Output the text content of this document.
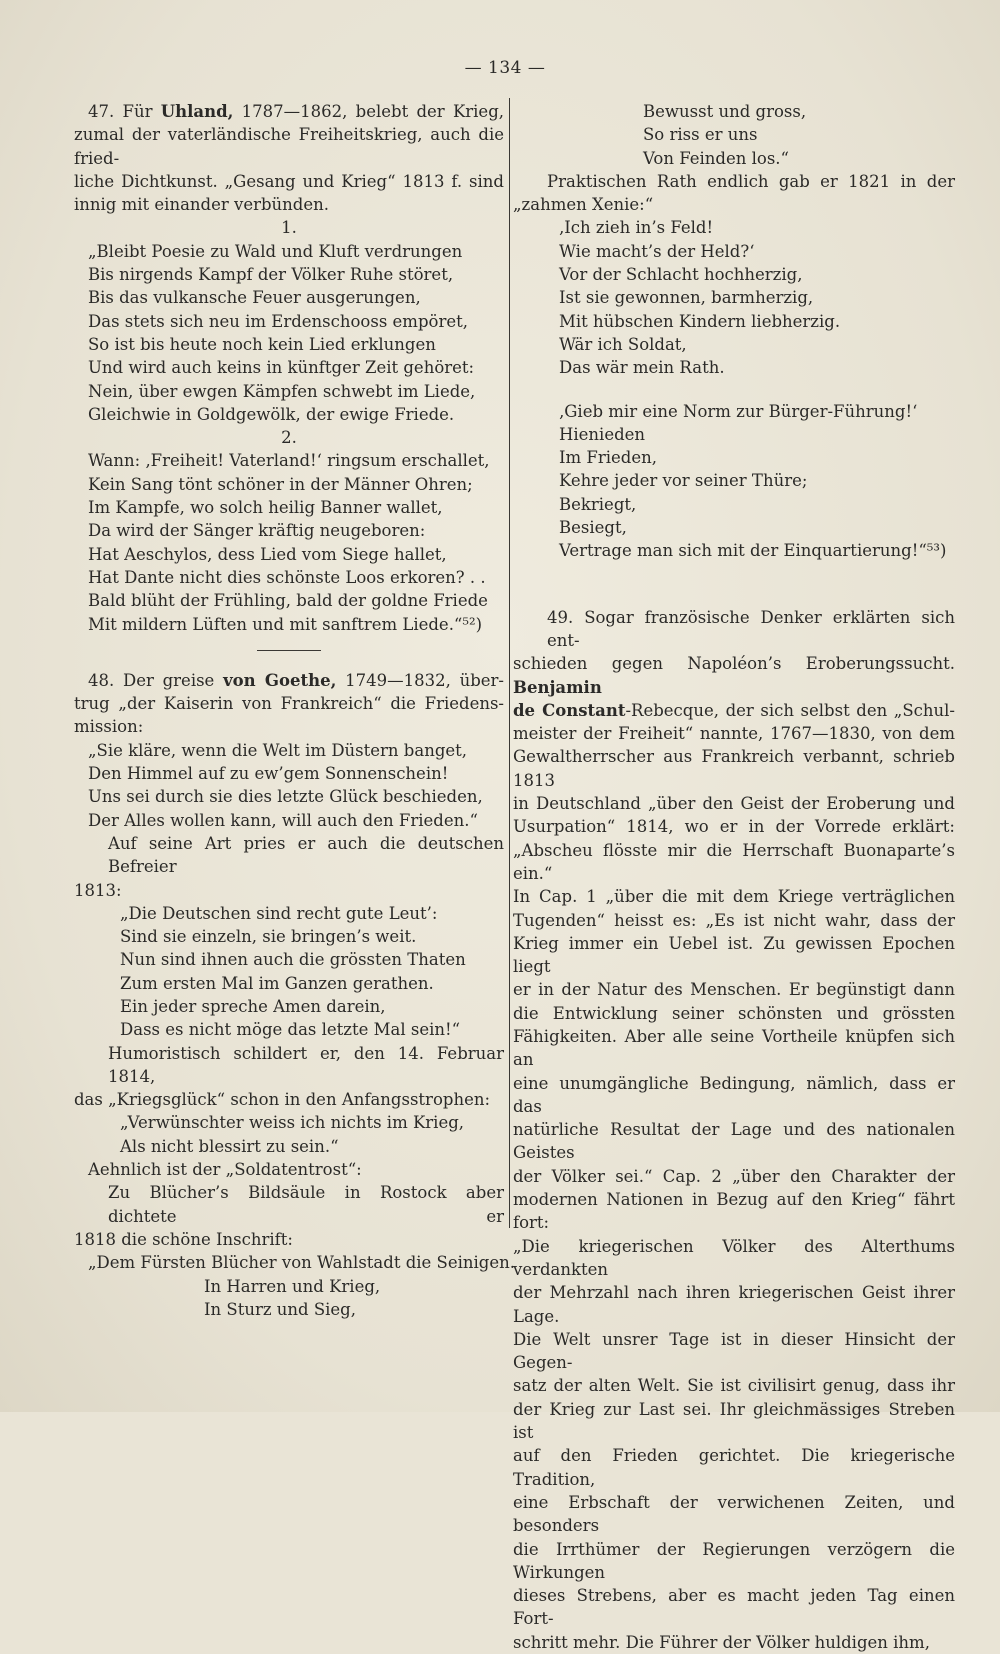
— 134 —
47. Für Uhland, 1787—1862, belebt der Krieg,
zumal der vaterländische Freiheitskrieg, auch die fried-
liche Dichtkunst. „Gesang und Krieg“ 1813 f. sind
innig mit einander verbünden.
1.
„Bleibt Poesie zu Wald und Kluft verdrungen
Bis nirgends Kampf der Völker Ruhe störet,
Bis das vulkansche Feuer ausgerungen,
Das stets sich neu im Erdenschooss empöret,
So ist bis heute noch kein Lied erklungen
Und wird auch keins in künftger Zeit gehöret:
Nein, über ewgen Kämpfen schwebt im Liede,
Gleichwie in Goldgewölk, der ewige Friede.
2.
Wann: ‚Freiheit! Vaterland!‘ ringsum erschallet,
Kein Sang tönt schöner in der Männer Ohren;
Im Kampfe, wo solch heilig Banner wallet,
Da wird der Sänger kräftig neugeboren:
Hat Aeschylos, dess Lied vom Siege hallet,
Hat Dante nicht dies schönste Loos erkoren? . .
Bald blüht der Frühling, bald der goldne Friede
Mit mildern Lüften und mit sanftrem Liede.“⁵²)
48. Der greise von Goethe, 1749—1832, über-
trug „der Kaiserin von Frankreich“ die Friedens-
mission:
„Sie kläre, wenn die Welt im Düstern banget,
Den Himmel auf zu ew’gem Sonnenschein!
Uns sei durch sie dies letzte Glück beschieden,
Der Alles wollen kann, will auch den Frieden.“
Auf seine Art pries er auch die deutschen Befreier
1813:
„Die Deutschen sind recht gute Leut’:
Sind sie einzeln, sie bringen’s weit.
Nun sind ihnen auch die grössten Thaten
Zum ersten Mal im Ganzen gerathen.
Ein jeder spreche Amen darein,
Dass es nicht möge das letzte Mal sein!“
Humoristisch schildert er, den 14. Februar 1814,
das „Kriegsglück“ schon in den Anfangsstrophen:
„Verwünschter weiss ich nichts im Krieg,
Als nicht blessirt zu sein.“
Aehnlich ist der „Soldatentrost“:
Zu Blücher’s Bildsäule in Rostock aber dichtete er
1818 die schöne Inschrift:
„Dem Fürsten Blücher von Wahlstadt die Seinigen.
In Harren und Krieg,
In Sturz und Sieg,
Bewusst und gross,
So riss er uns
Von Feinden los.“
Praktischen Rath endlich gab er 1821 in der
„zahmen Xenie:“
‚Ich zieh in’s Feld!
Wie macht’s der Held?‘
Vor der Schlacht hochherzig,
Ist sie gewonnen, barmherzig,
Mit hübschen Kindern liebherzig.
Wär ich Soldat,
Das wär mein Rath.
‚Gieb mir eine Norm zur Bürger-Führung!‘
Hienieden
Im Frieden,
Kehre jeder vor seiner Thüre;
Bekriegt,
Besiegt,
Vertrage man sich mit der Einquartierung!“⁵³)
49. Sogar französische Denker erklärten sich ent-
schieden gegen Napoléon’s Eroberungssucht. Benjamin
de Constant-Rebecque, der sich selbst den „Schul-
meister der Freiheit“ nannte, 1767—1830, von dem
Gewaltherrscher aus Frankreich verbannt, schrieb 1813
in Deutschland „über den Geist der Eroberung und
Usurpation“ 1814, wo er in der Vorrede erklärt:
„Abscheu flösste mir die Herrschaft Buonaparte’s ein.“
In Cap. 1 „über die mit dem Kriege verträglichen
Tugenden“ heisst es: „Es ist nicht wahr, dass der
Krieg immer ein Uebel ist. Zu gewissen Epochen liegt
er in der Natur des Menschen. Er begünstigt dann
die Entwicklung seiner schönsten und grössten
Fähigkeiten. Aber alle seine Vortheile knüpfen sich an
eine unumgängliche Bedingung, nämlich, dass er das
natürliche Resultat der Lage und des nationalen Geistes
der Völker sei.“ Cap. 2 „über den Charakter der
modernen Nationen in Bezug auf den Krieg“ fährt fort:
„Die kriegerischen Völker des Alterthums verdankten
der Mehrzahl nach ihren kriegerischen Geist ihrer Lage.
Die Welt unsrer Tage ist in dieser Hinsicht der Gegen-
satz der alten Welt. Sie ist civilisirt genug, dass ihr
der Krieg zur Last sei. Ihr gleichmässiges Streben ist
auf den Frieden gerichtet. Die kriegerische Tradition,
eine Erbschaft der verwichenen Zeiten, und besonders
die Irrthümer der Regierungen verzögern die Wirkungen
dieses Strebens, aber es macht jeden Tag einen Fort-
schritt mehr. Die Führer der Völker huldigen ihm,
